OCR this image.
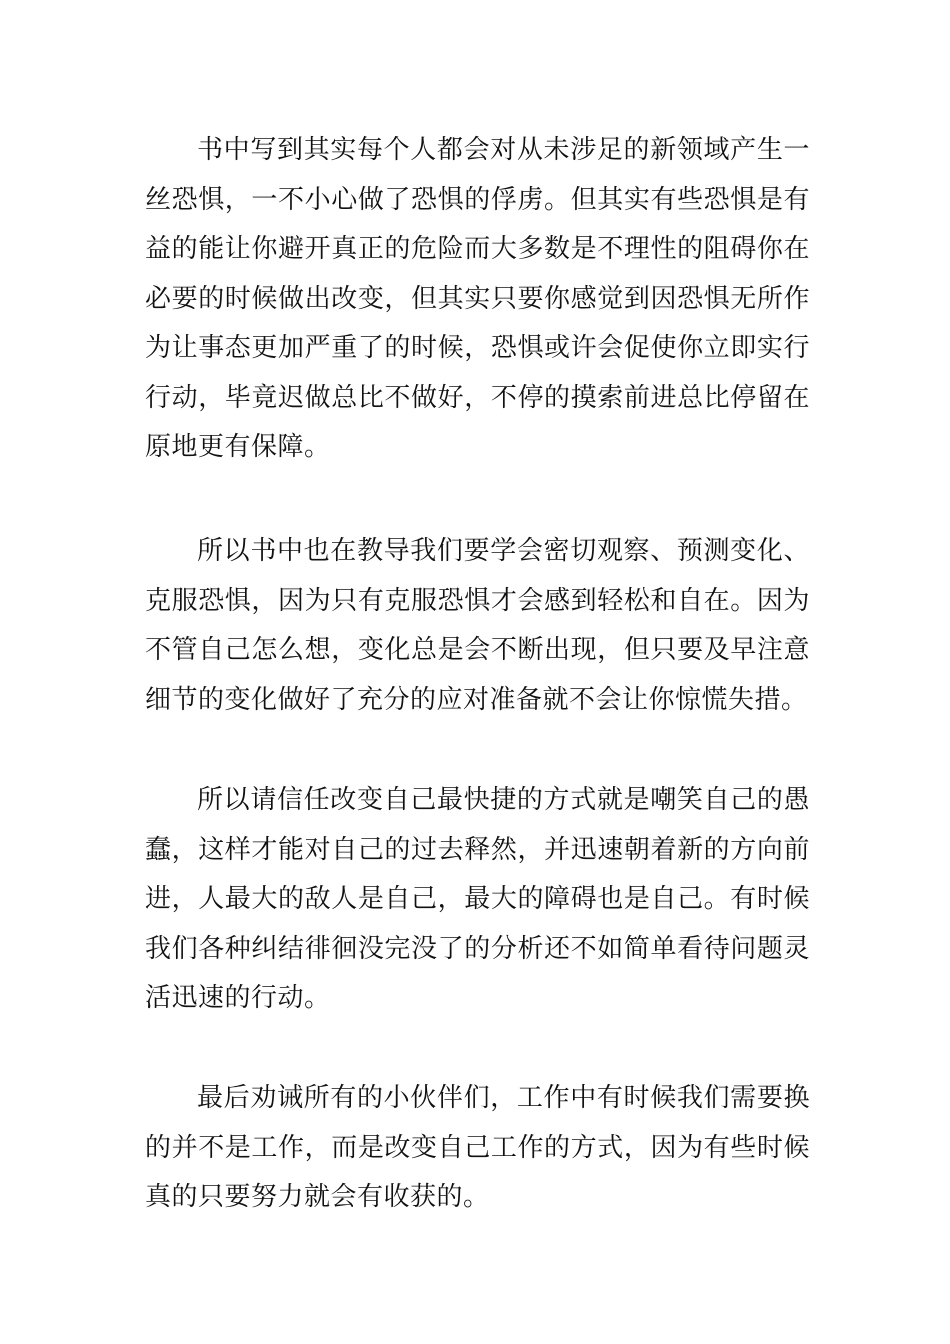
书中写到其实每个人都会对从未涉足的新领域产生一丝恐惧，一不小心做了恐惧的俘虏。但其实有些恐惧是有益的能让你避开真正的危险而大多数是不理性的阻碍你在必要的时候做出改变，但其实只要你感觉到因恐惧无所作为让事态更加严重了的时候，恐惧或许会促使你立即实行行动，毕竟迟做总比不做好，不停的摸索前进总比停留在原地更有保障。

所以书中也在教导我们要学会密切观察、预测变化、克服恐惧，因为只有克服恐惧才会感到轻松和自在。因为不管自己怎么想，变化总是会不断出现，但只要及早注意细节的变化做好了充分的应对准备就不会让你惊慌失措。

所以请信任改变自己最快捷的方式就是嘲笑自己的愚蠢，这样才能对自己的过去释然，并迅速朝着新的方向前进，人最大的敌人是自己，最大的障碍也是自己。有时候我们各种纠结徘徊没完没了的分析还不如简单看待问题灵活迅速的行动。

最后劝诫所有的小伙伴们，工作中有时候我们需要换的并不是工作，而是改变自己工作的方式，因为有些时候真的只要努力就会有收获的。
